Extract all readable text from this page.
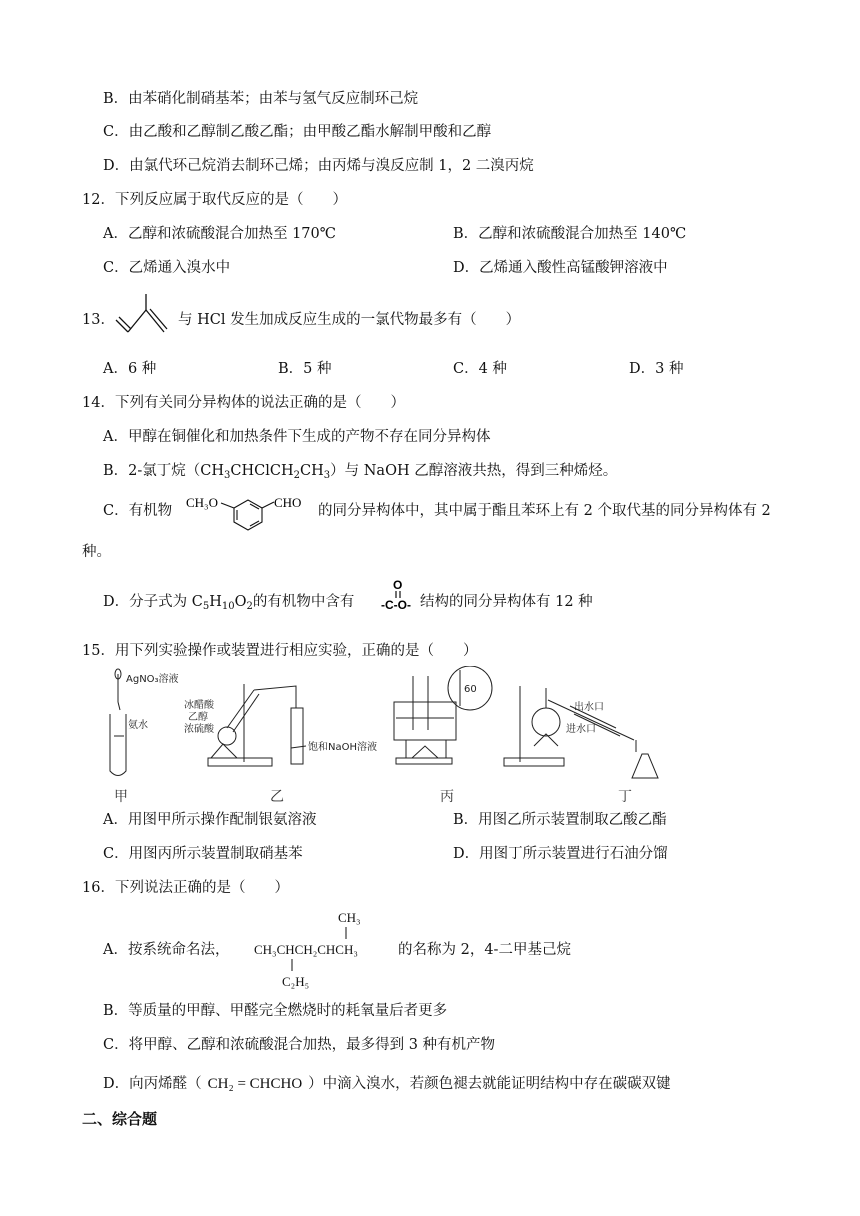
B．由苯硝化制硝基苯；由苯与氢气反应制环己烷
C．由乙酸和乙醇制乙酸乙酯；由甲酸乙酯水解制甲酸和乙醇
D．由氯代环己烷消去制环己烯；由丙烯与溴反应制 1，2 二溴丙烷
12．下列反应属于取代反应的是（　　）
A．乙醇和浓硫酸混合加热至 170℃	B．乙醇和浓硫酸混合加热至 140℃
C．乙烯通入溴水中	D．乙烯通入酸性高锰酸钾溶液中
13．	与 HCl 发生加成反应生成的一氯代物最多有（　　）
A．6 种	B．5 种	C．4 种	D．3 种
14．下列有关同分异构体的说法正确的是（　　）
A．甲醇在铜催化和加热条件下生成的产物不存在同分异构体
B．2-氯丁烷$(CH_3CHClCH_2CH_3)$与 NaOH 乙醇溶液共热，得到三种烯烃。
C．有机物
CH₃O	CHO
的同分异构体中，其中属于酯且苯环上有 2 个取代基的同分异构体有 2
种。
D．分子式为 $C_5H_{10}O_2$的有机物中含有
O
-C-O- 结构的同分异构体有 12 种
15．用下列实验操作或装置进行相应实验，正确的是（　　）
AgNO₃溶液
氨水
冰醋酸
乙醇
浓硫酸
饱和NaOH溶液
60
出水口
进水口
甲	乙	丙	丁
A．用图甲所示操作配制银氨溶液	B．用图乙所示装置制取乙酸乙酯
C．用图丙所示装置制取硝基苯	D．用图丁所示装置进行石油分馏
16．下列说法正确的是（　　）
A．按系统命名法，
CH₃
CH₃CHCH₂CHCH₃
C₂H₅
的名称为 2，4-二甲基己烷
B．等质量的甲醇、甲醛完全燃烧时的耗氧量后者更多
C．将甲醇、乙醇和浓硫酸混合加热，最多得到 3 种有机产物
D．向丙烯醛（ CH₂ = CHCHO ）中滴入溴水，若颜色褪去就能证明结构中存在碳碳双键
二、综合题
